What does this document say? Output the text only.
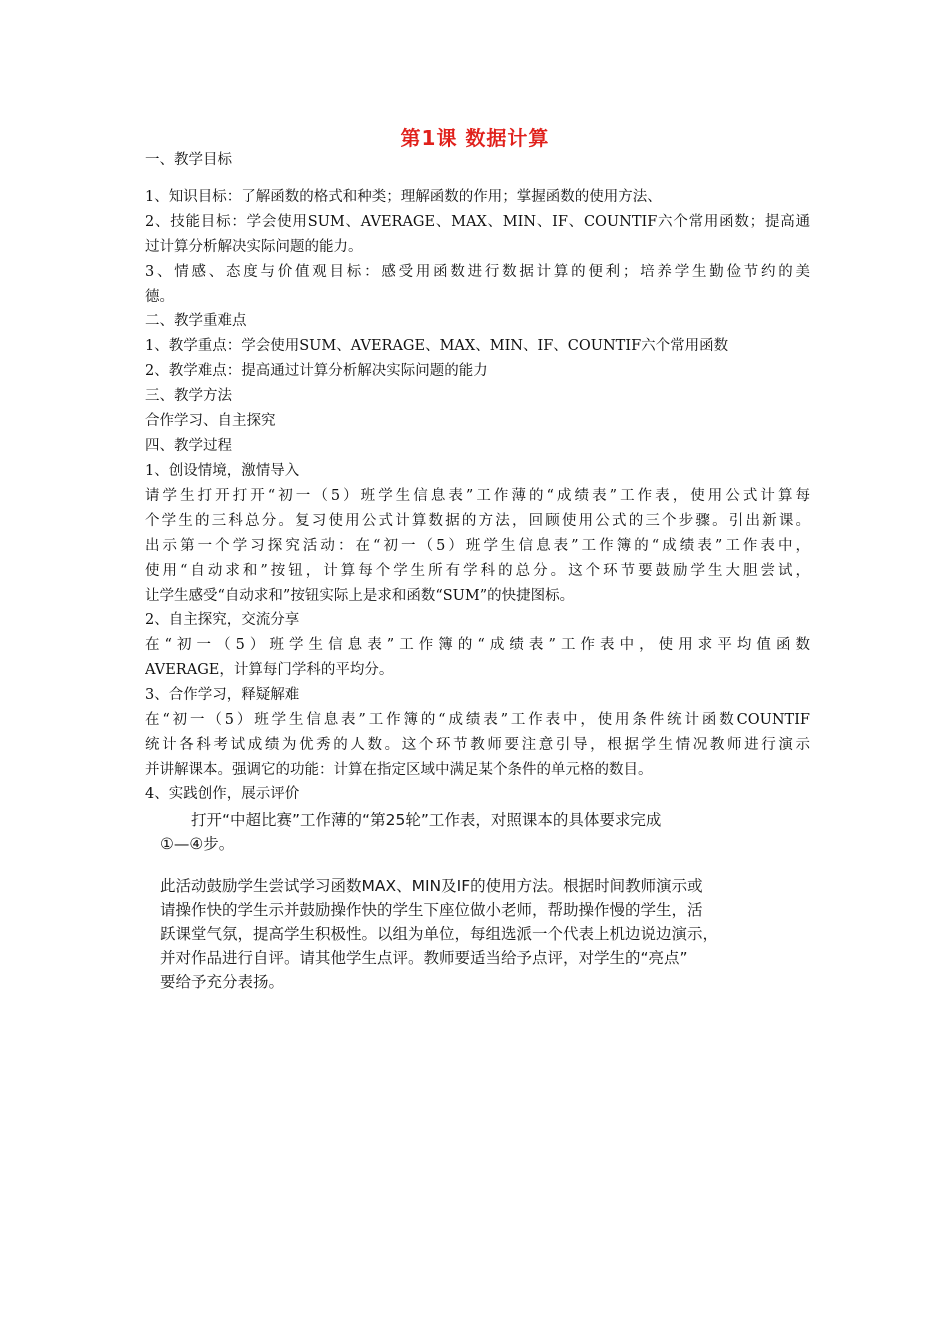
第1课 数据计算
一、教学目标
1、知识目标：了解函数的格式和种类；理解函数的作用；掌握函数的使用方法、
2、技能目标：学会使用SUM、AVERAGE、MAX、MIN、IF、COUNTIF六个常用函数；提高通
过计算分析解决实际问题的能力。
3、情感、态度与价值观目标：感受用函数进行数据计算的便利；培养学生勤俭节约的美
德。
二、教学重难点
1、教学重点：学会使用SUM、AVERAGE、MAX、MIN、IF、COUNTIF六个常用函数
2、教学难点：提高通过计算分析解决实际问题的能力
三、教学方法
合作学习、自主探究
四、教学过程
1、创设情境，激情导入
请学生打开打开“初一（5）班学生信息表”工作薄的“成绩表”工作表，使用公式计算每
个学生的三科总分。复习使用公式计算数据的方法，回顾使用公式的三个步骤。引出新课。
出示第一个学习探究活动：在“初一（5）班学生信息表”工作簿的“成绩表”工作表中，
使用“自动求和”按钮，计算每个学生所有学科的总分。这个环节要鼓励学生大胆尝试，
让学生感受“自动求和”按钮实际上是求和函数“SUM”的快捷图标。
2、自主探究，交流分享
在“初一（5）班学生信息表”工作簿的“成绩表”工作表中，使用求平均值函数
AVERAGE，计算每门学科的平均分。
3、合作学习，释疑解难
在“初一（5）班学生信息表”工作簿的“成绩表”工作表中，使用条件统计函数COUNTIF
统计各科考试成绩为优秀的人数。这个环节教师要注意引导，根据学生情况教师进行演示
并讲解课本。强调它的功能：计算在指定区域中满足某个条件的单元格的数目。
4、实践创作，展示评价
　　打开“中超比赛”工作薄的“第25轮”工作表，对照课本的具体要求完成
①—④步。
此活动鼓励学生尝试学习函数MAX、MIN及IF的使用方法。根据时间教师演示或
请操作快的学生示并鼓励操作快的学生下座位做小老师，帮助操作慢的学生，活
跃课堂气氛，提高学生积极性。以组为单位，每组选派一个代表上机边说边演示，
并对作品进行自评。请其他学生点评。教师要适当给予点评，对学生的“亮点”
要给予充分表扬。
